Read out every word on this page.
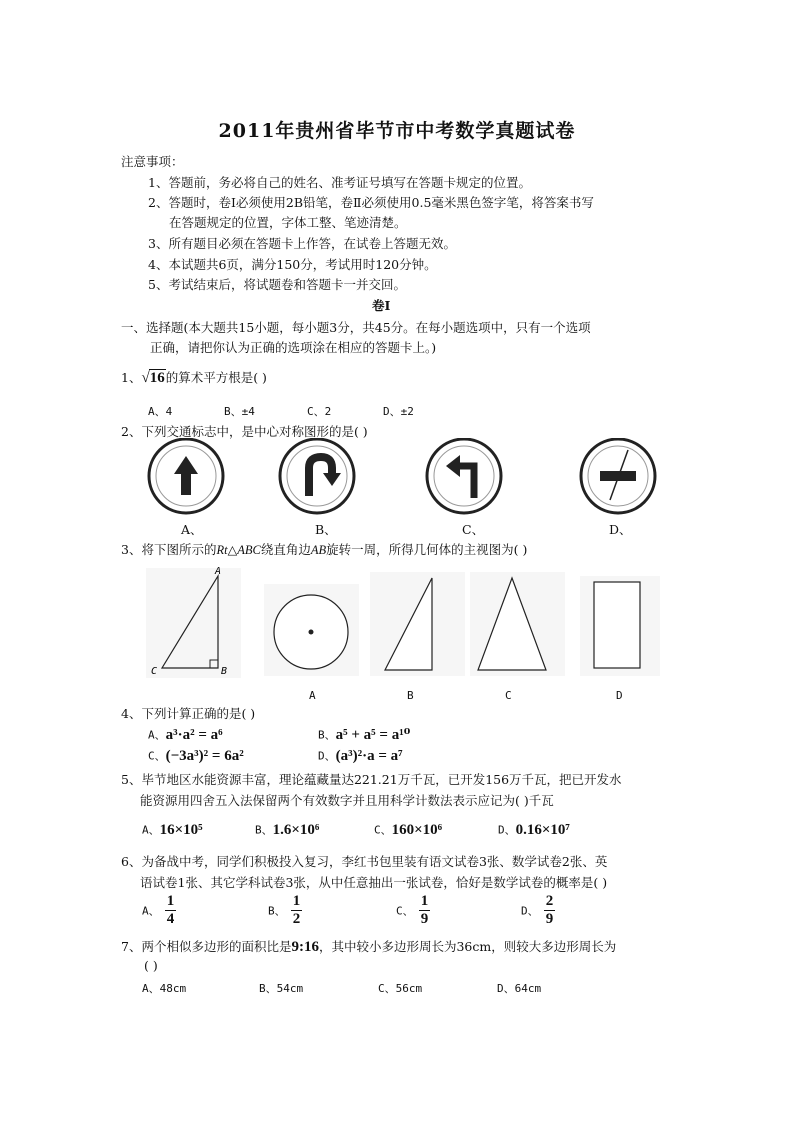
2011年贵州省毕节市中考数学真题试卷
注意事项：
1、答题前，务必将自己的姓名、准考证号填写在答题卡规定的位置。
2、答题时，卷Ⅰ必须使用2B铅笔，卷Ⅱ必须使用0.5毫米黑色签字笔，将答案书写
在答题规定的位置，字体工整、笔迹清楚。
3、所有题目必须在答题卡上作答，在试卷上答题无效。
4、本试题共6页，满分150分，考试用时120分钟。
5、考试结束后，将试题卷和答题卡一并交回。
卷Ⅰ
一、选择题(本大题共15小题，每小题3分，共45分。在每小题选项中，只有一个选项
正确，请把你认为正确的选项涂在相应的答题卡上。)
1、√16的算术平方根是( )
A、4	B、±4	C、2	D、±2
2、下列交通标志中，是中心对称图形的是( )
A、	B、	C、	D、
3、将下图所示的Rt△ABC绕直角边AB旋转一周，所得几何体的主视图为( )
A
B
C
A	B	C	D
4、下列计算正确的是( )
A、a³·a² = a⁶	B、a⁵ + a⁵ = a¹⁰
C、(−3a³)² = 6a²	D、(a³)²·a = a⁷
5、毕节地区水能资源丰富，理论蕴藏量达221.21万千瓦，已开发156万千瓦，把已开发水
能资源用四舍五入法保留两个有效数字并且用科学计数法表示应记为( )千瓦
A、16×10⁵	B、1.6×10⁶	C、160×10⁶	D、0.16×10⁷
6、为备战中考，同学们积极投入复习，李红书包里装有语文试卷3张、数学试卷2张、英
语试卷1张、其它学科试卷3张，从中任意抽出一张试卷，恰好是数学试卷的概率是( )
A、 $\frac{1}{4}$	B、 $\frac{1}{2}$	C、 $\frac{1}{9}$	D、 $\frac{2}{9}$
7、两个相似多边形的面积比是9:16，其中较小多边形周长为36cm，则较大多边形周长为
( )
A、48cm	B、54cm	C、56cm	D、64cm
